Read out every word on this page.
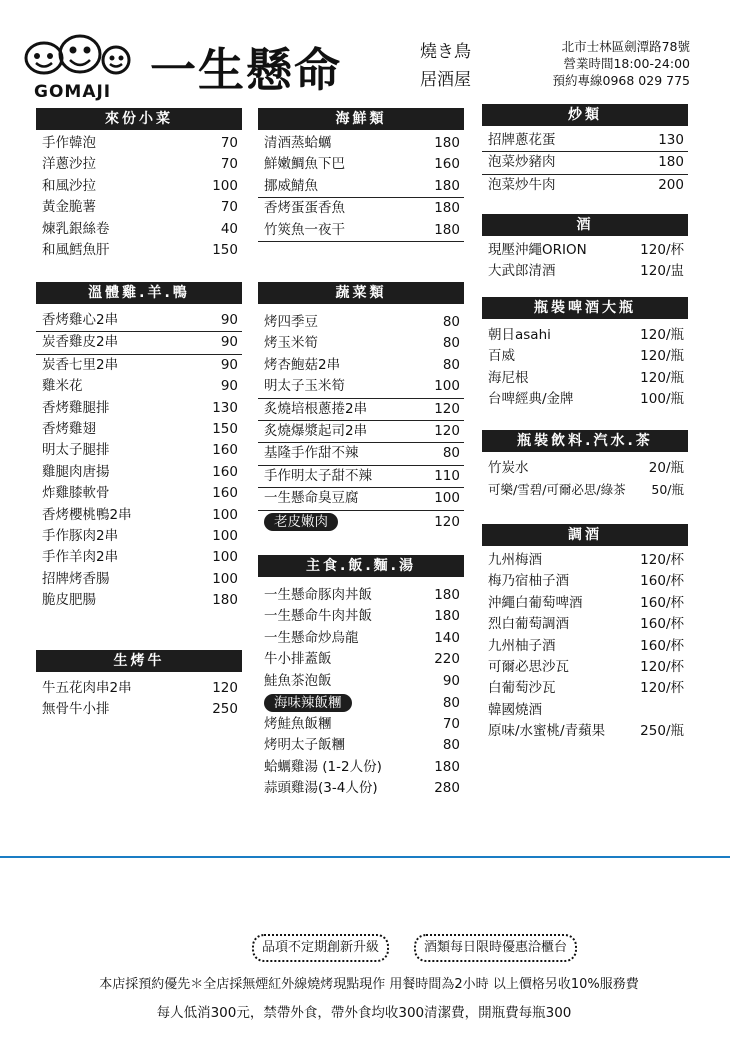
GOMAJI 一生懸命	燒き鳥
居酒屋
北市士林區劍潭路78號
營業時間18:00-24:00
預約專線0968 029 775
來份小菜
手作韓泡	70
洋蔥沙拉	70
和風沙拉	100
黃金脆薯	70
煉乳銀絲卷	40
和風鱈魚肝	150
溫體雞.羊.鴨
香烤雞心2串	90
炭香雞皮2串	90
炭香七里2串	90
雞米花	90
香烤雞腿排	130
香烤雞翅	150
明太子腿排	160
雞腿肉唐揚	160
炸雞膝軟骨	160
香烤櫻桃鴨2串	100
手作豚肉2串	100
手作羊肉2串	100
招牌烤香腸	100
脆皮肥腸	180
生烤牛
牛五花肉串2串	120
無骨牛小排	250
海鮮類
清酒蒸蛤蠣	180
鮮嫩鯛魚下巴	160
挪威鯖魚	180
香烤蛋蛋香魚	180
竹筴魚一夜干	180
蔬菜類
烤四季豆	80
烤玉米筍	80
烤杏鮑菇2串	80
明太子玉米筍	100
炙燒培根蔥捲2串	120
炙燒爆漿起司2串	120
基隆手作甜不辣	80
手作明太子甜不辣	110
一生懸命臭豆腐	100
老皮嫩肉	120
主食.飯.麵.湯
一生懸命豚肉丼飯	180
一生懸命牛肉丼飯	180
一生懸命炒烏龍	140
牛小排蓋飯	220
鮭魚茶泡飯	90
海味辣飯糰	80
烤鮭魚飯糰	70
烤明太子飯糰	80
蛤蠣雞湯 (1-2人份)	180
蒜頭雞湯(3-4人份)	280
炒類
招牌蔥花蛋	130
泡菜炒豬肉	180
泡菜炒牛肉	200
酒
現壓沖繩ORION	120/杯
大武郎清酒	120/盅
瓶裝啤酒大瓶
朝日asahi	120/瓶
百威	120/瓶
海尼根	120/瓶
台啤經典/金牌	100/瓶
瓶裝飲料.汽水.茶
竹炭水	20/瓶
可樂/雪碧/可爾必思/綠茶 50/瓶
調酒
九州梅酒	120/杯
梅乃宿柚子酒	160/杯
沖繩白葡萄啤酒	160/杯
烈白葡萄調酒	160/杯
九州柚子酒	160/杯
可爾必思沙瓦	120/杯
白葡萄沙瓦	120/杯
韓國燒酒
原味/水蜜桃/青蘋果	250/瓶
品項不定期創新升級	酒類每日限時優惠洽櫃台
本店採預約優先＊全店採無煙紅外線燒烤現點現作 用餐時間為2小時 以上價格另收10%服務費
每人低消300元，禁帶外食，帶外食均收300清潔費，開瓶費每瓶300
